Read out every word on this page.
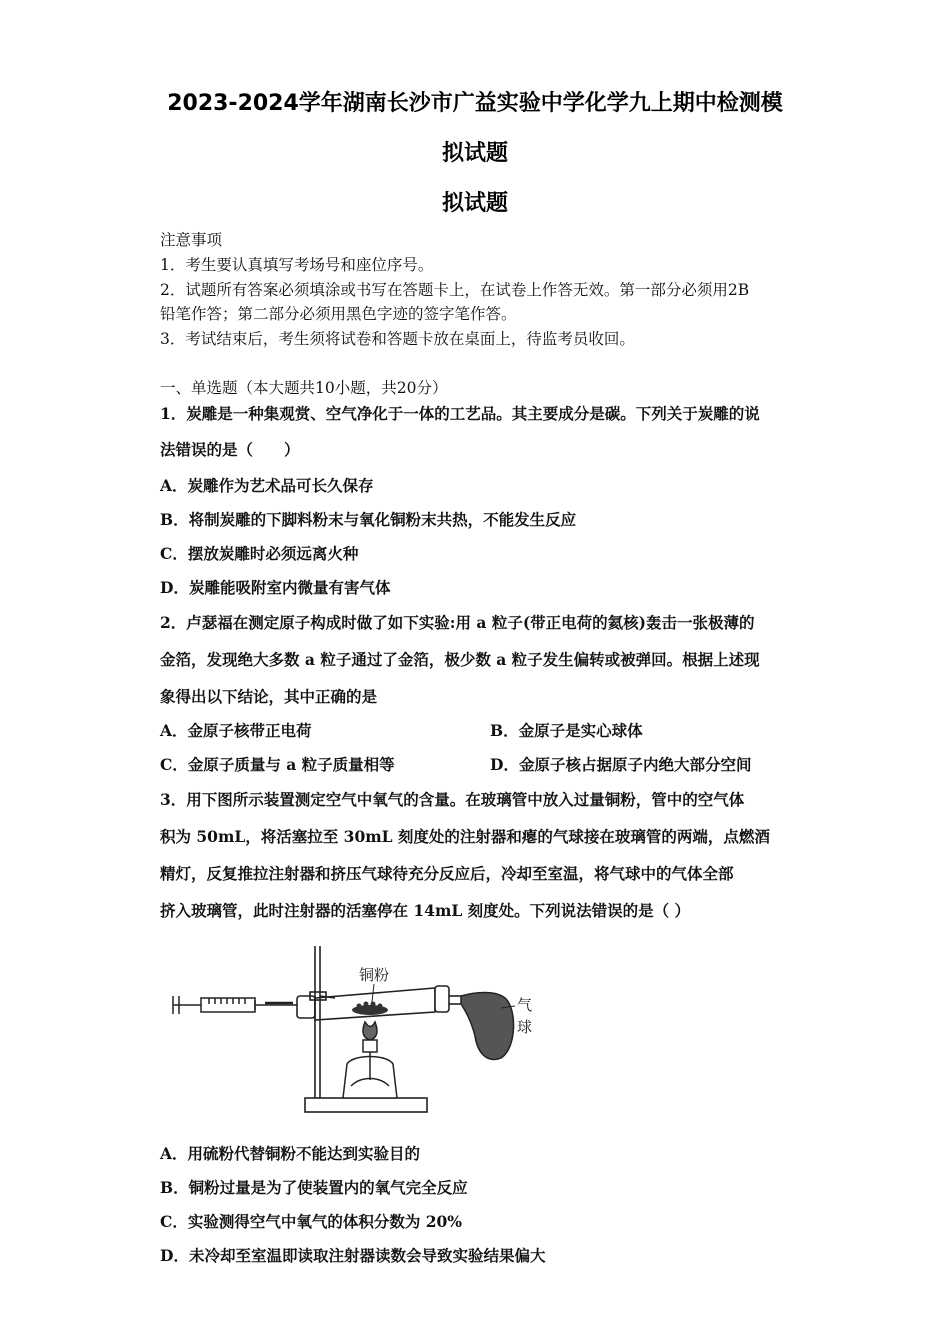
2023-2024学年湖南长沙市广益实验中学化学九上期中检测模
拟试题
拟试题
注意事项
1．考生要认真填写考场号和座位序号。
2．试题所有答案必须填涂或书写在答题卡上，在试卷上作答无效。第一部分必须用2B
铅笔作答；第二部分必须用黑色字迹的签字笔作答。
3．考试结束后，考生须将试卷和答题卡放在桌面上，待监考员收回。
一、单选题（本大题共10小题，共20分）
1．炭雕是一种集观赏、空气净化于一体的工艺品。其主要成分是碳。下列关于炭雕的说
法错误的是（　　）
A．炭雕作为艺术品可长久保存
B．将制炭雕的下脚料粉末与氧化铜粉末共热，不能发生反应
C．摆放炭雕时必须远离火种
D．炭雕能吸附室内微量有害气体
2．卢瑟福在测定原子构成时做了如下实验:用 a 粒子(带正电荷的氦核)轰击一张极薄的
金箔，发现绝大多数 a 粒子通过了金箔，极少数 a 粒子发生偏转或被弹回。根据上述现
象得出以下结论，其中正确的是
A．金原子核带正电荷	B．金原子是实心球体
C．金原子质量与 a 粒子质量相等	D．金原子核占据原子内绝大部分空间
3．用下图所示装置测定空气中氧气的含量。在玻璃管中放入过量铜粉，管中的空气体
积为 50mL，将活塞拉至 30mL 刻度处的注射器和瘪的气球接在玻璃管的两端，点燃酒
精灯，反复推拉注射器和挤压气球待充分反应后，冷却至室温，将气球中的气体全部
挤入玻璃管，此时注射器的活塞停在 14mL 刻度处。下列说法错误的是（ ）
铜粉
气
球
A．用硫粉代替铜粉不能达到实验目的
B．铜粉过量是为了使装置内的氧气完全反应
C．实验测得空气中氧气的体积分数为 20%
D．未冷却至室温即读取注射器读数会导致实验结果偏大
